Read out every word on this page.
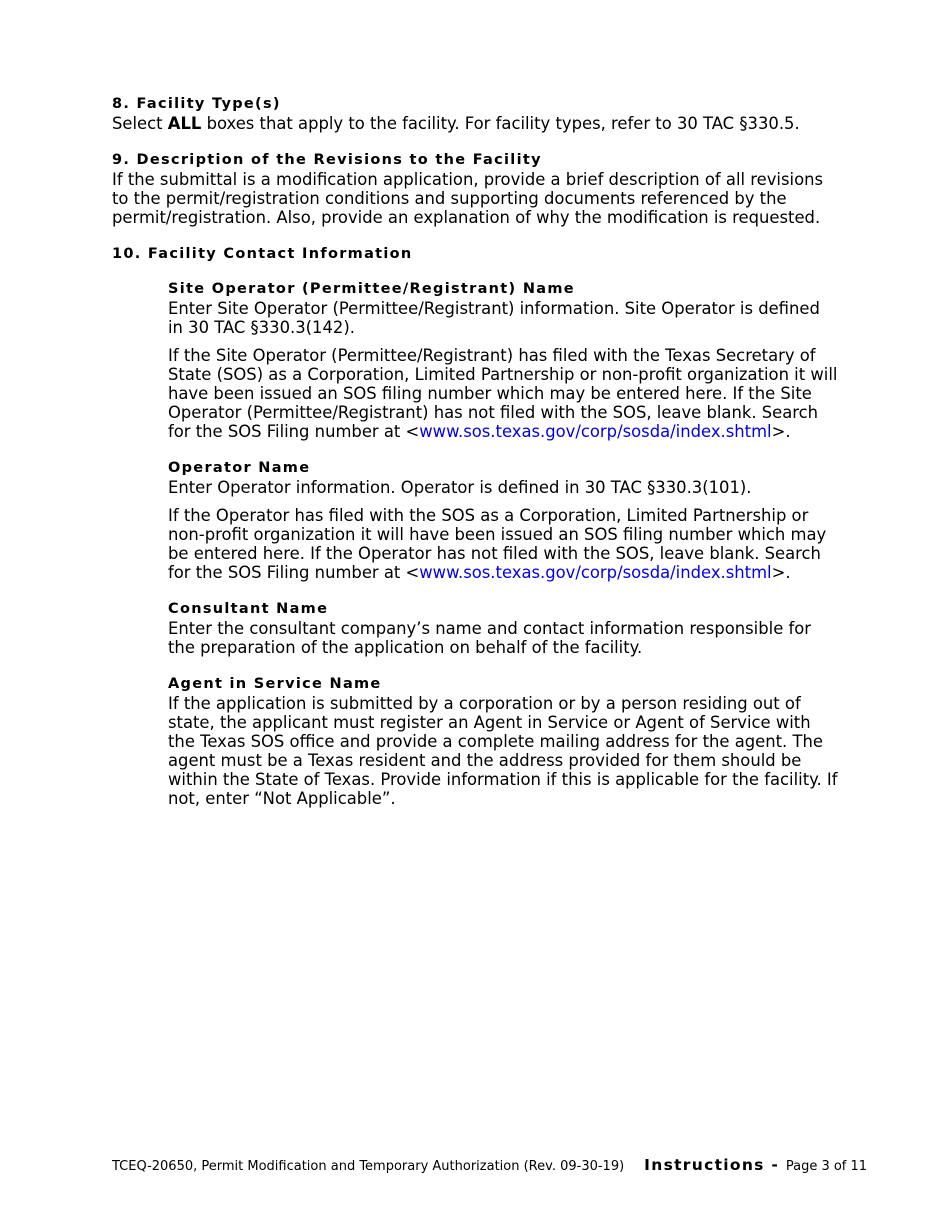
8. Facility Type(s)

Select ALL boxes that apply to the facility. For facility types, refer to 30 TAC §330.5.

9. Description of the Revisions to the Facility

If the submittal is a modification application, provide a brief description of all revisions to the permit/registration conditions and supporting documents referenced by the permit/registration. Also, provide an explanation of why the modification is requested.

10. Facility Contact Information
Site Operator (Permittee/Registrant) Name

Enter Site Operator (Permittee/Registrant) information. Site Operator is defined in 30 TAC §330.3(142).

If the Site Operator (Permittee/Registrant) has filed with the Texas Secretary of State (SOS) as a Corporation, Limited Partnership or non-profit organization it will have been issued an SOS filing number which may be entered here. If the Site Operator (Permittee/Registrant) has not filed with the SOS, leave blank. Search for the SOS Filing number at <www.sos.texas.gov/corp/sosda/index.shtml>.

Operator Name

Enter Operator information. Operator is defined in 30 TAC §330.3(101).

If the Operator has filed with the SOS as a Corporation, Limited Partnership or non-profit organization it will have been issued an SOS filing number which may be entered here. If the Operator has not filed with the SOS, leave blank. Search for the SOS Filing number at <www.sos.texas.gov/corp/sosda/index.shtml>.

Consultant Name

Enter the consultant company’s name and contact information responsible for the preparation of the application on behalf of the facility.

Agent in Service Name

If the application is submitted by a corporation or by a person residing out of state, the applicant must register an Agent in Service or Agent of Service with the Texas SOS office and provide a complete mailing address for the agent. The agent must be a Texas resident and the address provided for them should be within the State of Texas. Provide information if this is applicable for the facility. If not, enter “Not Applicable”.

TCEQ-20650, Permit Modification and Temporary Authorization (Rev. 09-30-19) Instructions - Page 3 of 11
